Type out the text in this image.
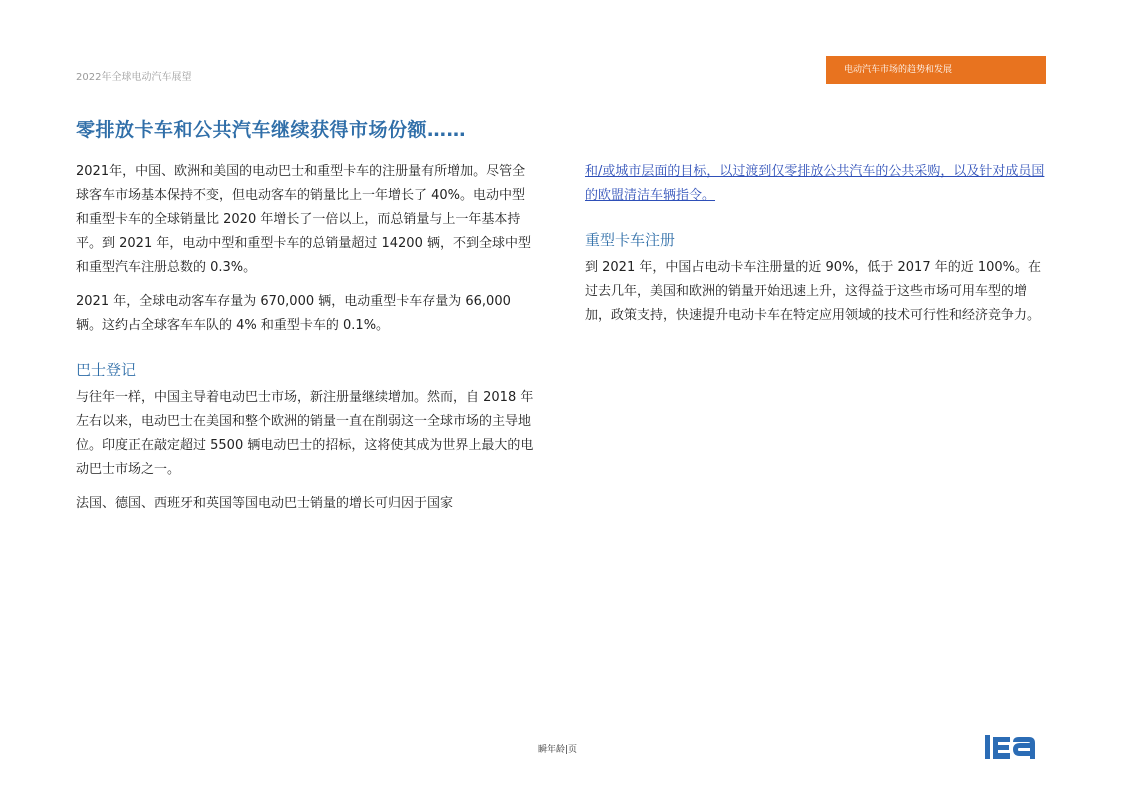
2022年全球电动汽车展望
电动汽车市场的趋势和发展
零排放卡车和公共汽车继续获得市场份额……

2021年，中国、欧洲和美国的电动巴士和重型卡车的注册量有所增加。尽管全球客车市场基本保持不变，但电动客车的销量比上一年增长了 40%。电动中型和重型卡车的全球销量比 2020 年增长了一倍以上，而总销量与上一年基本持平。到 2021 年，电动中型和重型卡车的总销量超过 14200 辆，不到全球中型和重型汽车注册总数的 0.3%。

2021 年，全球电动客车存量为 670,000 辆，电动重型卡车存量为 66,000 辆。这约占全球客车车队的 4% 和重型卡车的 0.1%。

巴士登记

与往年一样，中国主导着电动巴士市场，新注册量继续增加。然而，自 2018 年左右以来，电动巴士在美国和整个欧洲的销量一直在削弱这一全球市场的主导地位。印度正在敲定超过 5500 辆电动巴士的招标，这将使其成为世界上最大的电动巴士市场之一。

法国、德国、西班牙和英国等国电动巴士销量的增长可归因于国家

和/或城市层面的目标，以过渡到仅零排放公共汽车的公共采购，以及针对成员国的欧盟清洁车辆指令。

重型卡车注册

到 2021 年，中国占电动卡车注册量的近 90%，低于 2017 年的近 100%。在过去几年，美国和欧洲的销量开始迅速上升，这得益于这些市场可用车型的增加，政策支持，快速提升电动卡车在特定应用领域的技术可行性和经济竞争力。

瞬年龄|页
